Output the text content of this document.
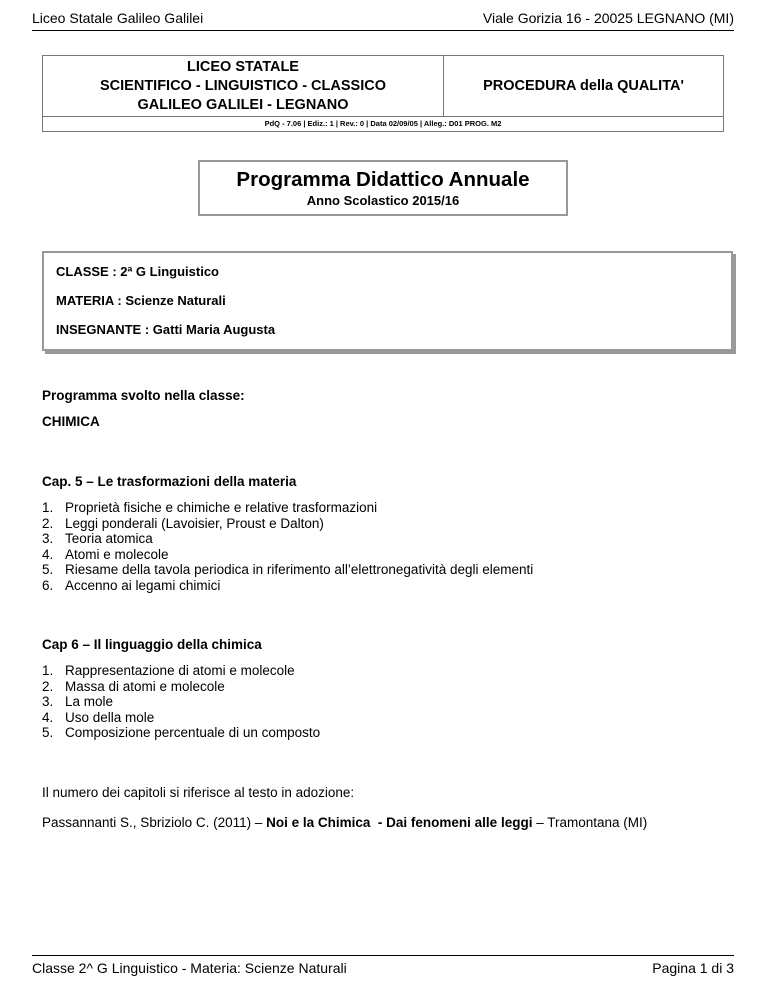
Liceo Statale Galileo Galilei	Viale Gorizia 16 - 20025 LEGNANO (MI)
LICEO STATALE
SCIENTIFICO - LINGUISTICO - CLASSICO
GALILEO GALILEI - LEGNANO
PROCEDURA della QUALITA'
PdQ - 7.06 | Ediz.: 1 | Rev.: 0 | Data 02/09/05 | Alleg.: D01 PROG. M2
Programma Didattico Annuale
Anno Scolastico 2015/16
CLASSE : 2ª G Linguistico
MATERIA : Scienze Naturali
INSEGNANTE : Gatti Maria Augusta
Programma svolto nella classe:
CHIMICA
Cap. 5 – Le trasformazioni della materia
1. Proprietà fisiche e chimiche e relative trasformazioni
2. Leggi ponderali (Lavoisier, Proust e Dalton)
3. Teoria atomica
4. Atomi e molecole
5. Riesame della tavola periodica in riferimento all’elettronegatività degli elementi
6. Accenno ai legami chimici
Cap 6 – Il linguaggio della chimica
1. Rappresentazione di atomi e molecole
2. Massa di atomi e molecole
3. La mole
4. Uso della mole
5. Composizione percentuale di un composto
Il numero dei capitoli si riferisce al testo in adozione:
Passannanti S., Sbriziolo C. (2011) – Noi e la Chimica  - Dai fenomeni alle leggi – Tramontana (MI)
Classe 2^ G Linguistico - Materia: Scienze Naturali	Pagina 1 di 3
